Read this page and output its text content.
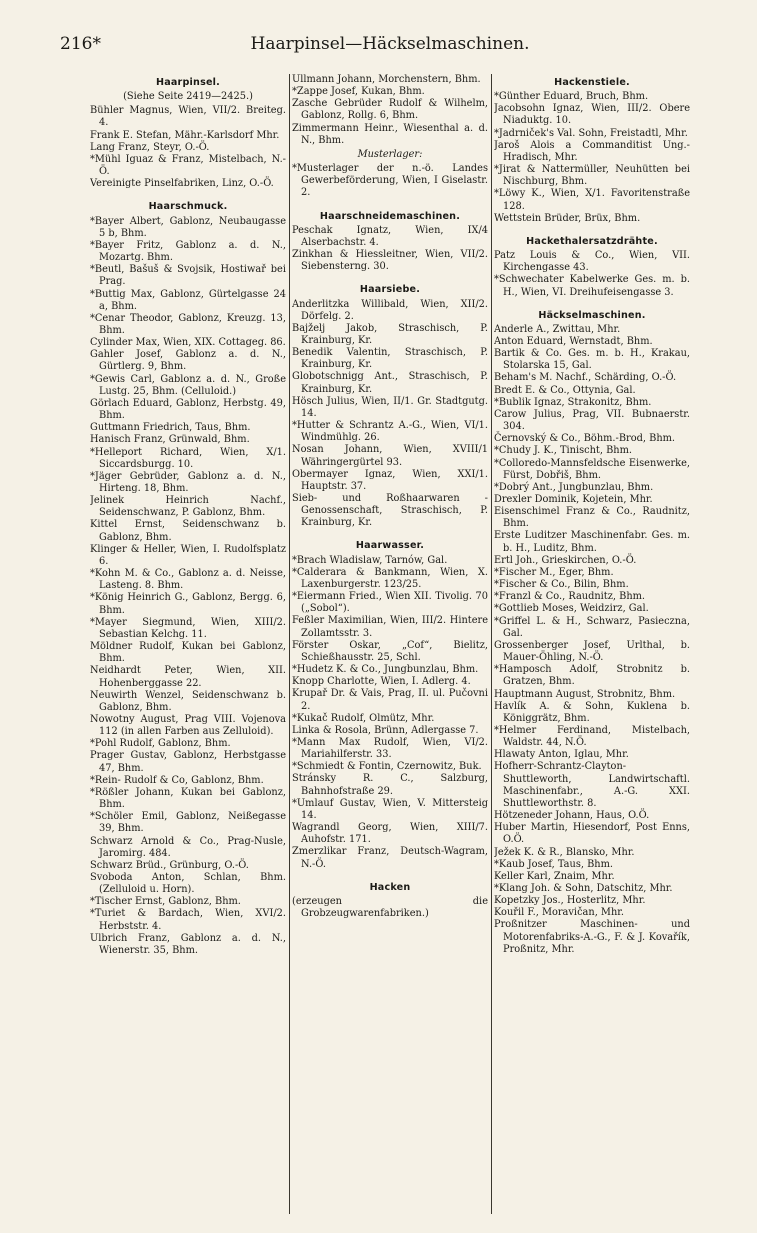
216*	Haarpinsel—Häckselmaschinen.
Haarpinsel.
(Siehe Seite 2419—2425.)
Bühler Magnus, Wien, VII/2. Breiteg. 4.
Frank E. Stefan, Mähr.-Karlsdorf Mhr.
Lang Franz, Steyr, O.-Ö.
*Mühl Iguaz & Franz, Mistelbach, N.-Ö.
Vereinigte Pinselfabriken, Linz, O.-Ö.
Haarschmuck.
*Bayer Albert, Gablonz, Neubaugasse 5 b, Bhm.
*Bayer Fritz, Gablonz a. d. N., Mozartg. Bhm.
*Beutl, Bašuš & Svojsik, Hostiwař bei Prag.
*Buttig Max, Gablonz, Gürtelgasse 24 a, Bhm.
*Cenar Theodor, Gablonz, Kreuzg. 13, Bhm.
Cylinder Max, Wien, XIX. Cottageg. 86.
Gahler Josef, Gablonz a. d. N., Gürtlerg. 9, Bhm.
*Gewis Carl, Gablonz a. d. N., Große Lustg. 25, Bhm. (Celluloid.)
Görlach Eduard, Gablonz, Herbstg. 49, Bhm.
Guttmann Friedrich, Taus, Bhm.
Hanisch Franz, Grünwald, Bhm.
*Helleport Richard, Wien, X/1. Siccardsburgg. 10.
*Jäger Gebrüder, Gablonz a. d. N., Hirteng. 18, Bhm.
Jelinek Heinrich Nachf., Seidenschwanz, P. Gablonz, Bhm.
Kittel Ernst, Seidenschwanz b. Gablonz, Bhm.
Klinger & Heller, Wien, I. Rudolfsplatz 6.
*Kohn M. & Co., Gablonz a. d. Neisse, Lasteng. 8. Bhm.
*König Heinrich G., Gablonz, Bergg. 6, Bhm.
*Mayer Siegmund, Wien, XIII/2. Sebastian Kelchg. 11.
Möldner Rudolf, Kukan bei Gablonz, Bhm.
Neidhardt Peter, Wien, XII. Hohenberggasse 22.
Neuwirth Wenzel, Seidenschwanz b. Gablonz, Bhm.
Nowotny August, Prag VIII. Vojenova 112 (in allen Farben aus Zelluloid).
*Pohl Rudolf, Gablonz, Bhm.
Prager Gustav, Gablonz, Herbstgasse 47, Bhm.
*Rein- Rudolf & Co, Gablonz, Bhm.
*Rößler Johann, Kukan bei Gablonz, Bhm.
*Schöler Emil, Gablonz, Neißegasse 39, Bhm.
Schwarz Arnold & Co., Prag-Nusle, Jaromirg. 484.
Schwarz Brüd., Grünburg, O.-Ö.
Svoboda Anton, Schlan, Bhm. (Zelluloid u. Horn).
*Tischer Ernst, Gablonz, Bhm.
*Turiet & Bardach, Wien, XVI/2. Herbststr. 4.
Ulbrich Franz, Gablonz a. d. N., Wienerstr. 35, Bhm.
Ullmann Johann, Morchenstern, Bhm.
*Zappe Josef, Kukan, Bhm.
Zasche Gebrüder Rudolf & Wilhelm, Gablonz, Rollg. 6, Bhm.
Zimmermann Heinr., Wiesenthal a. d. N., Bhm.
Musterlager:
*Musterlager der n.-ö. Landes Gewerbeförderung, Wien, I Giselastr. 2.
Haarschneidemaschinen.
Peschak Ignatz, Wien, IX/4 Alserbachstr. 4.
Zinkhan & Hiessleitner, Wien, VII/2. Siebensterng. 30.
Haarsiebe.
Anderlitzka Willibald, Wien, XII/2. Dörfelg. 2.
Bajželj Jakob, Straschisch, P. Krainburg, Kr.
Benedik Valentin, Straschisch, P. Krainburg, Kr.
Globotschnigg Ant., Straschisch, P. Krainburg, Kr.
Hösch Julius, Wien, II/1. Gr. Stadtgutg. 14.
*Hutter & Schrantz A.-G., Wien, VI/1. Windmühlg. 26.
Nosan Johann, Wien, XVIII/1 Währingergürtel 93.
Obermayer Ignaz, Wien, XXI/1. Hauptstr. 37.
Sieb- und Roßhaarwaren - Genossenschaft, Straschisch, P. Krainburg, Kr.
Haarwasser.
*Brach Wladislaw, Tarnów, Gal.
*Calderara & Bankmann, Wien, X. Laxenburgerstr. 123/25.
*Eiermann Fried., Wien XII. Tivolig. 70 („Sobol“).
Feßler Maximilian, Wien, III/2. Hintere Zollamtsstr. 3.
Förster Oskar, „Cof“, Bielitz, Schießhausstr. 25, Schl.
*Hudetz K. & Co., Jungbunzlau, Bhm.
Knopp Charlotte, Wien, I. Adlerg. 4.
Krupař Dr. & Vais, Prag, II. ul. Pučovni 2.
*Kukač Rudolf, Olmütz, Mhr.
Linka & Rosola, Brünn, Adlergasse 7.
*Mann Max Rudolf, Wien, VI/2. Mariahilferstr. 33.
*Schmiedt & Fontin, Czernowitz, Buk.
Stránsky R. C., Salzburg, Bahnhofstraße 29.
*Umlauf Gustav, Wien, V. Mittersteig 14.
Wagrandl Georg, Wien, XIII/7. Auhofstr. 171.
Zmerzlikar Franz, Deutsch-Wagram, N.-Ö.
Hacken
(erzeugen die Grobzeugwarenfabriken.)
Hackenstiele.
*Günther Eduard, Bruch, Bhm.
Jacobsohn Ignaz, Wien, III/2. Obere Niaduktg. 10.
*Jadrniček's Val. Sohn, Freistadtl, Mhr.
Jaroš Alois a Commanditist Ung.-Hradisch, Mhr.
*Jirat & Nattermüller, Neuhütten bei Nischburg, Bhm.
*Löwy K., Wien, X/1. Favoritenstraße 128.
Wettstein Brüder, Brüx, Bhm.
Hackethalersatzdrähte.
Patz Louis & Co., Wien, VII. Kirchengasse 43.
*Schwechater Kabelwerke Ges. m. b. H., Wien, VI. Dreihufeisengasse 3.
Häckselmaschinen.
Anderle A., Zwittau, Mhr.
Anton Eduard, Wernstadt, Bhm.
Bartik & Co. Ges. m. b. H., Krakau, Stolarska 15, Gal.
Beham's M. Nachf., Schärding, O.-Ö.
Bredt E. & Co., Ottynia, Gal.
*Bublik Ignaz, Strakonitz, Bhm.
Carow Julius, Prag, VII. Bubnaerstr. 304.
Černovský & Co., Böhm.-Brod, Bhm.
*Chudy J. K., Tinischt, Bhm.
*Colloredo-Mannsfeldsche Eisenwerke, Fürst, Dobřiš, Bhm.
*Dobrý Ant., Jungbunzlau, Bhm.
Drexler Dominik, Kojetein, Mhr.
Eisenschimel Franz & Co., Raudnitz, Bhm.
Erste Luditzer Maschinenfabr. Ges. m. b. H., Luditz, Bhm.
Ertl Joh., Grieskirchen, O.-Ö.
*Fischer M., Eger, Bhm.
*Fischer & Co., Bilin, Bhm.
*Franzl & Co., Raudnitz, Bhm.
*Gottlieb Moses, Weidzirz, Gal.
*Griffel L. & H., Schwarz, Pasieczna, Gal.
Grossenberger Josef, Urlthal, b. Mauer-Öhling, N.-Ö.
*Hamposch Adolf, Strobnitz b. Gratzen, Bhm.
Hauptmann August, Strobnitz, Bhm.
Havlík A. & Sohn, Kuklena b. Königgrätz, Bhm.
*Helmer Ferdinand, Mistelbach, Waldstr. 44, N.Ö.
Hlawaty Anton, Iglau, Mhr.
Hofherr-Schrantz-Clayton-Shuttleworth, Landwirtschaftl. Maschinenfabr., A.-G. XXI. Shuttleworthstr. 8.
Hötzeneder Johann, Haus, O.Ö.
Huber Martin, Hiesendorf, Post Enns, O.Ö.
Ježek K. & R., Blansko, Mhr.
*Kaub Josef, Taus, Bhm.
Keller Karl, Znaim, Mhr.
*Klang Joh. & Sohn, Datschitz, Mhr.
Kopetzky Jos., Hosterlitz, Mhr.
Kouřil F., Moravičan, Mhr.
Proßnitzer Maschinen- und Motorenfabriks-A.-G., F. & J. Kovařík, Proßnitz, Mhr.
